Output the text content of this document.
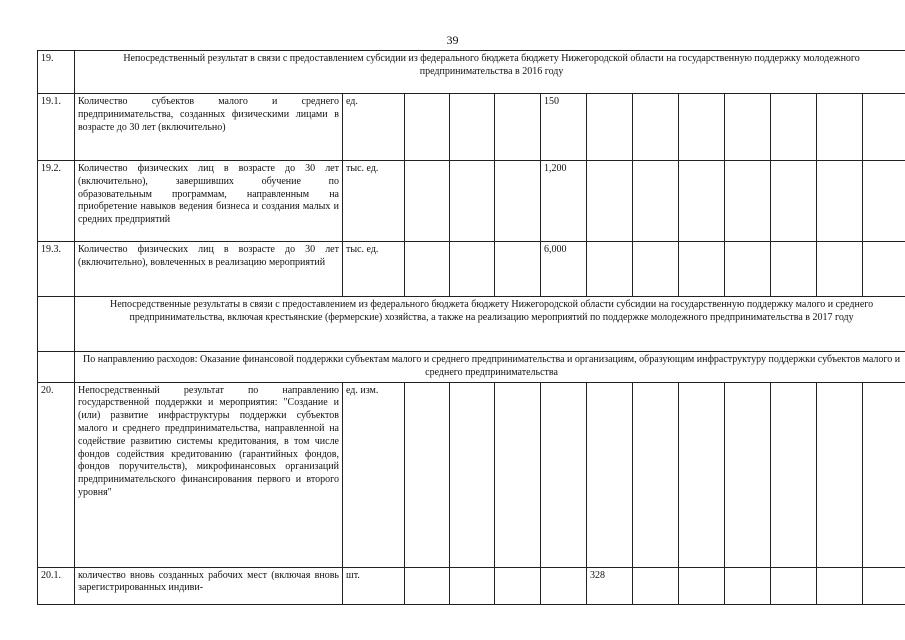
39
19.	Непосредственный результат в связи с предоставлением субсидии из федерального бюджета бюджету Нижегородской области на государственную поддержку молодежного предпринимательства в 2016 году												
19.1.	Количество субъектов малого и среднего предпринимательства, созданных физическими лицами в возрасте до 30 лет (включительно)	ед.				150							
19.2.	Количество физических лиц в возрасте до 30 лет (включительно), завершивших обучение по образовательным программам, направленным на приобретение навыков ведения бизнеса и создания малых и средних предприятий	тыс. ед.				1,200							
19.3.	Количество физических лиц в возрасте до 30 лет (включительно), вовлеченных в реализацию мероприятий	тыс. ед.				6,000							
	Непосредственные результаты в связи с предоставлением из федерального бюджета бюджету Нижегородской области субсидии на государственную поддержку малого и среднего предпринимательства, включая крестьянские (фермерские) хозяйства, а также на реализацию мероприятий по поддержке молодежного предпринимательства в 2017 году												
	По направлению расходов: Оказание финансовой поддержки субъектам малого и среднего предпринимательства и организациям, образующим инфраструктуру поддержки субъектов малого и среднего предпринимательства												
20.	Непосредственный результат по направлению государственной поддержки и мероприятия: "Создание и (или) развитие инфраструктуры поддержки субъектов малого и среднего предпринимательства, направленной на содействие развитию системы кредитования, в том числе фондов содействия кредитованию (гарантийных фондов, фондов поручительств), микрофинансовых организаций предпринимательского финансирования первого и второго уровня"	ед. изм.											
20.1.	количество вновь созданных рабочих мест (включая вновь зарегистрированных индиви-	шт.					328						
